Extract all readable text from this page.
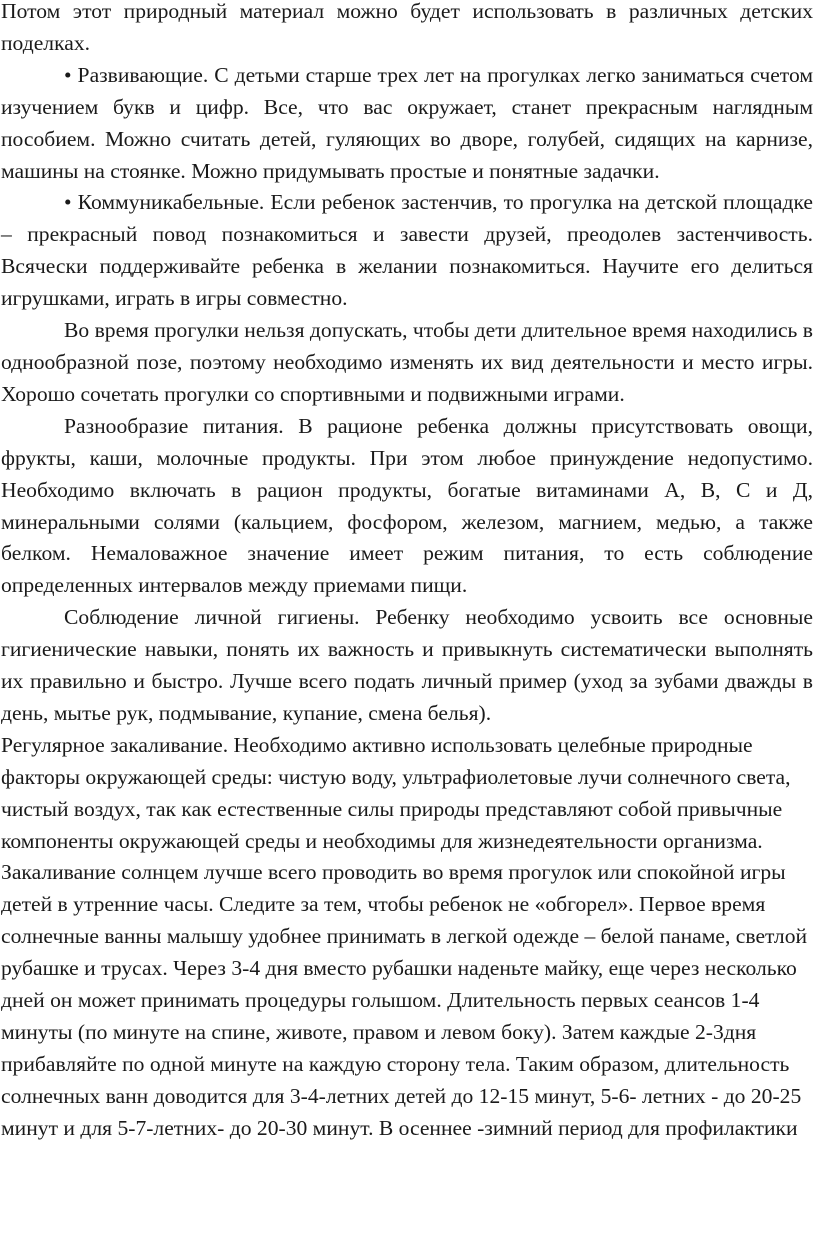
Потом этот природный материал можно будет использовать в различных детских поделках.

• Развивающие. С детьми старше трех лет на прогулках легко заниматься счетом изучением букв и цифр. Все, что вас окружает, станет прекрасным наглядным пособием. Можно считать детей, гуляющих во дворе, голубей, сидящих на карнизе, машины на стоянке. Можно придумывать простые и понятные задачки.

• Коммуникабельные. Если ребенок застенчив, то прогулка на детской площадке – прекрасный повод познакомиться и завести друзей, преодолев застенчивость. Всячески поддерживайте ребенка в желании познакомиться. Научите его делиться игрушками, играть в игры совместно.

Во время прогулки нельзя допускать, чтобы дети длительное время находились в однообразной позе, поэтому необходимо изменять их вид деятельности и место игры. Хорошо сочетать прогулки со спортивными и подвижными играми.

Разнообразие питания. В рационе ребенка должны присутствовать овощи, фрукты, каши, молочные продукты. При этом любое принуждение недопустимо. Необходимо включать в рацион продукты, богатые витаминами А, В, С и Д, минеральными солями (кальцием, фосфором, железом, магнием, медью, а также белком. Немаловажное значение имеет режим питания, то есть соблюдение определенных интервалов между приемами пищи.

Соблюдение личной гигиены. Ребенку необходимо усвоить все основные гигиенические навыки, понять их важность и привыкнуть систематически выполнять их правильно и быстро. Лучше всего подать личный пример (уход за зубами дважды в день, мытье рук, подмывание, купание, смена белья).

Регулярное закаливание. Необходимо активно использовать целебные природные факторы окружающей среды: чистую воду, ультрафиолетовые лучи солнечного света, чистый воздух, так как естественные силы природы представляют собой привычные компоненты окружающей среды и необходимы для жизнедеятельности организма. Закаливание солнцем лучше всего проводить во время прогулок или спокойной игры детей в утренние часы. Следите за тем, чтобы ребенок не «обгорел». Первое время солнечные ванны малышу удобнее принимать в легкой одежде – белой панаме, светлой рубашке и трусах. Через 3-4 дня вместо рубашки наденьте майку, еще через несколько дней он может принимать процедуры голышом. Длительность первых сеансов 1-4 минуты (по минуте на спине, животе, правом и левом боку). Затем каждые 2-3дня прибавляйте по одной минуте на каждую сторону тела. Таким образом, длительность солнечных ванн доводится для 3-4-летних детей до 12-15 минут, 5-6- летних - до 20-25 минут и для 5-7-летних- до 20-30 минут. В осеннее -зимний период для профилактики
